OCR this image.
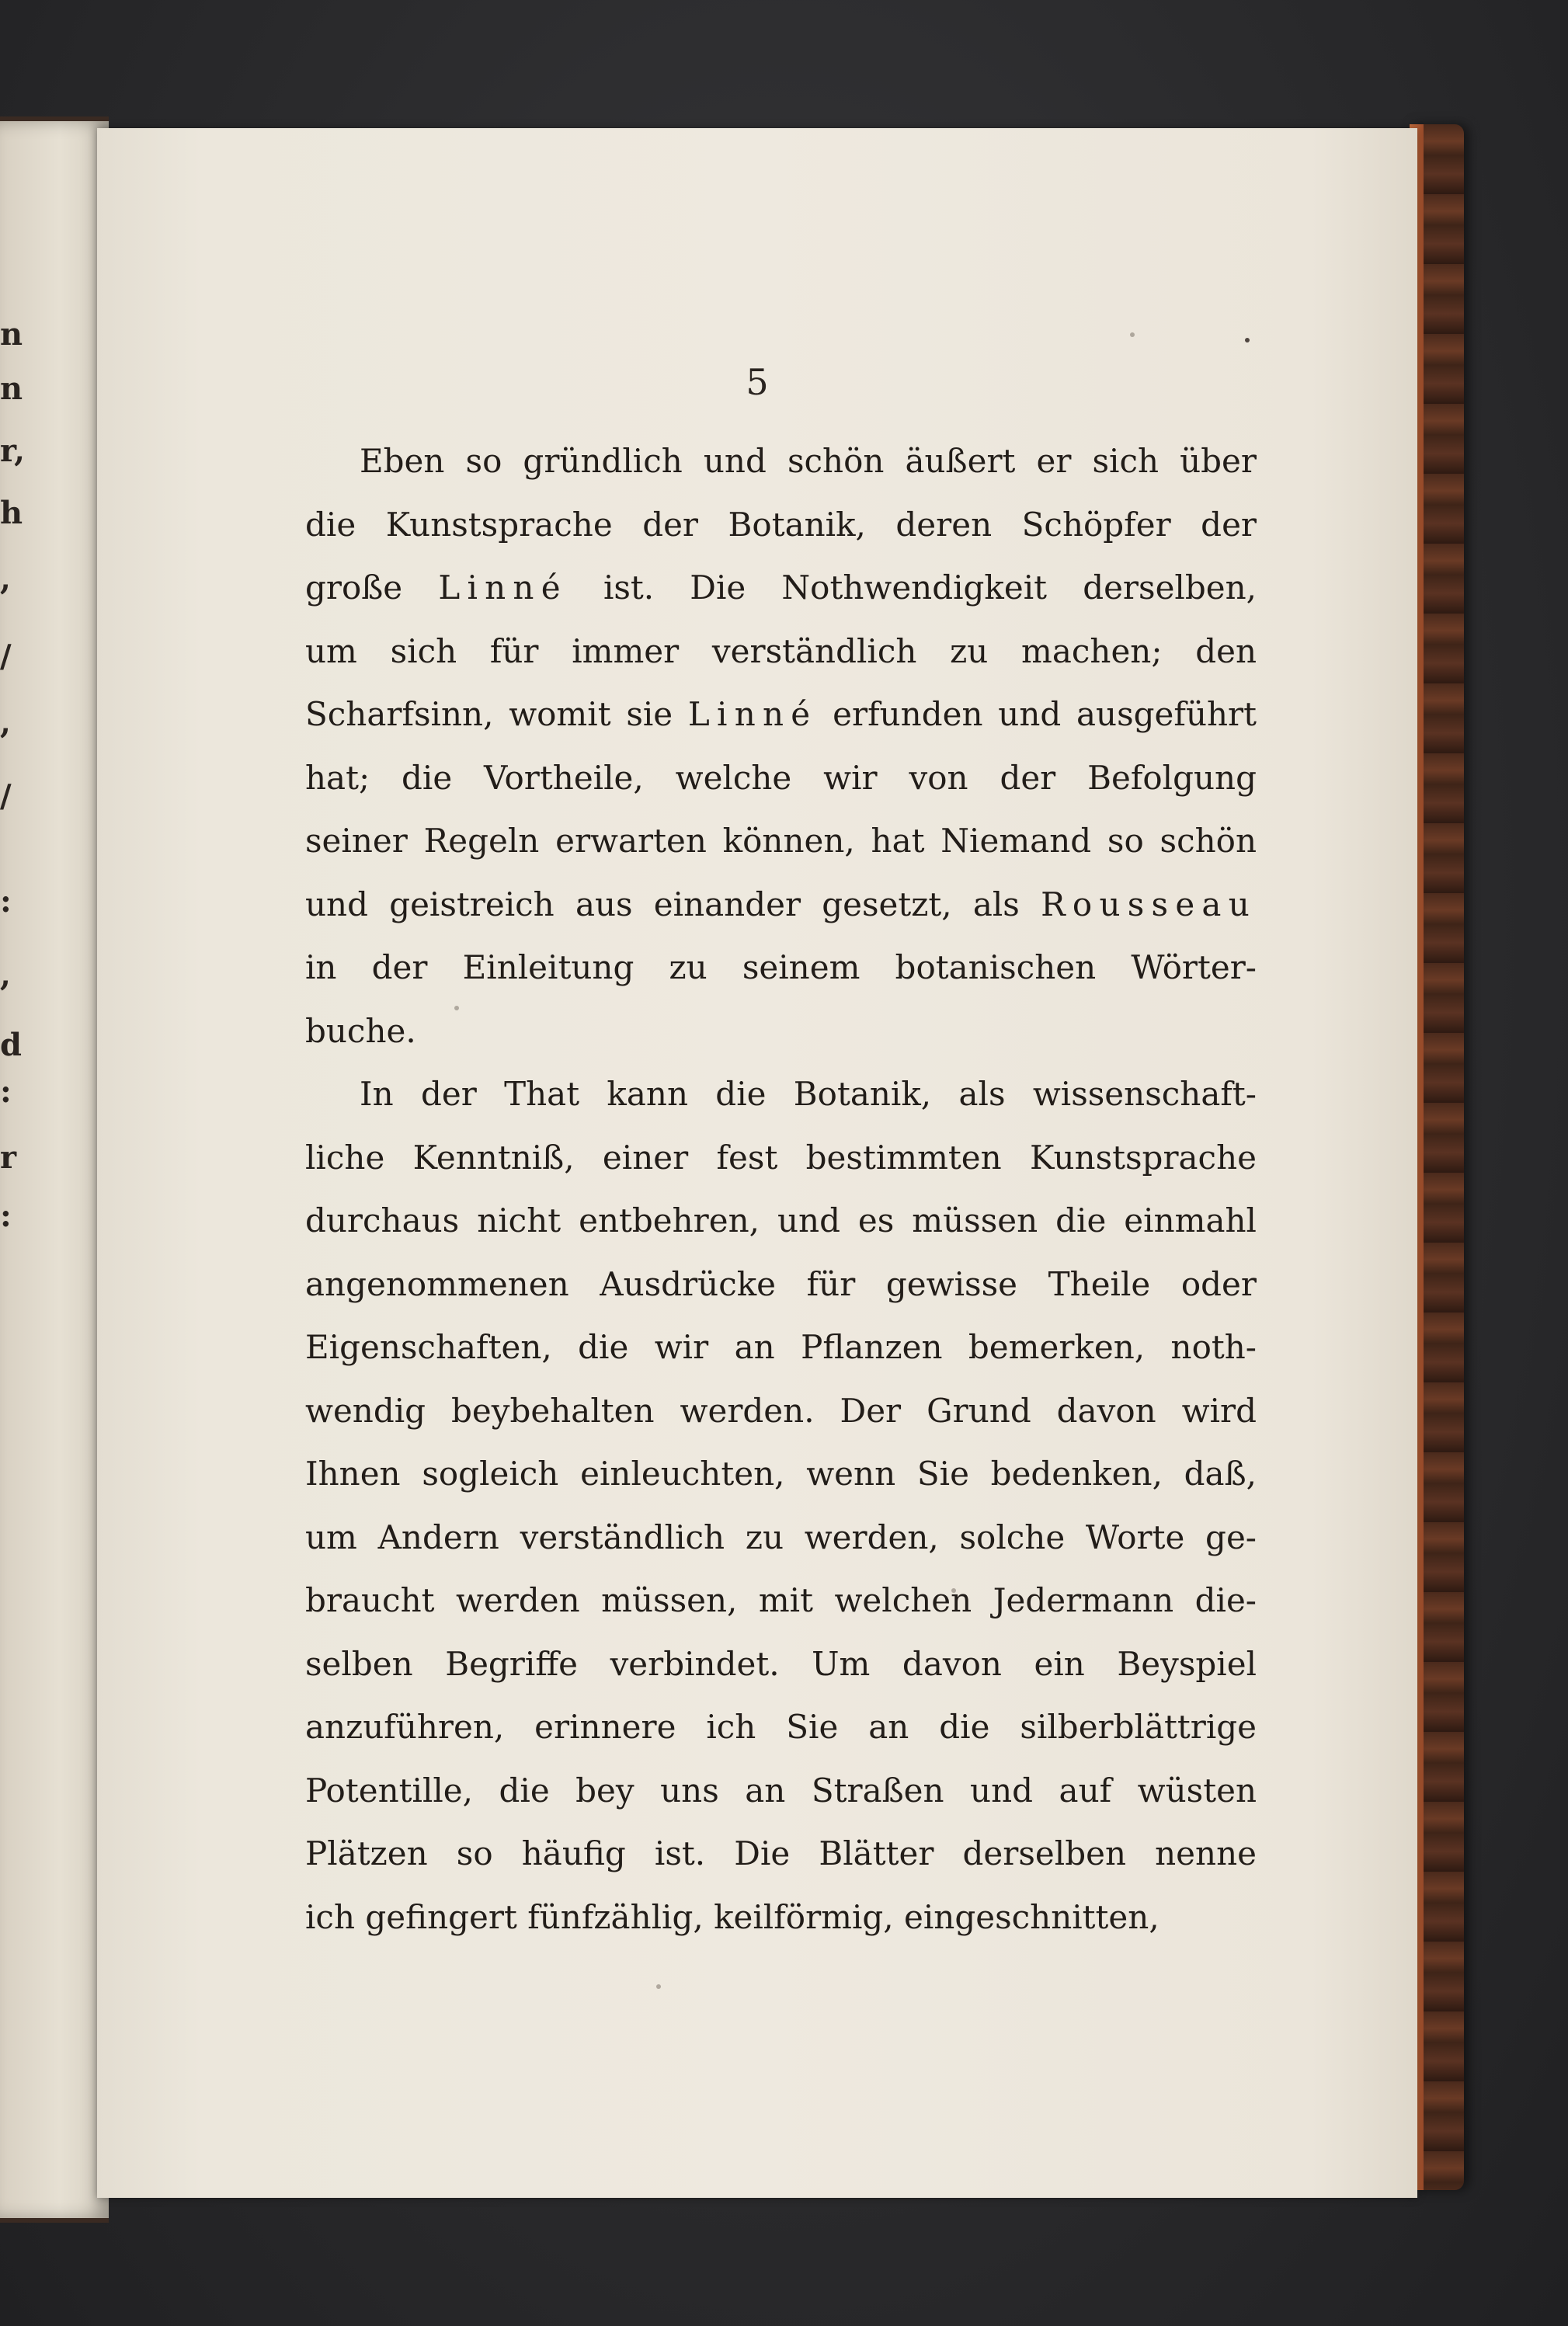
n
n
r,
h
,
/
,
/
:
,
d
:
r
:
5
Eben so gründlich und schön äußert er sich über
die Kunstsprache der Botanik, deren Schöpfer der
große Linné ist. Die Nothwendigkeit derselben,
um sich für immer verständlich zu machen; den
Scharfsinn, womit sie Linné erfunden und ausgeführt
hat; die Vortheile, welche wir von der Befolgung
seiner Regeln erwarten können, hat Niemand so schön
und geistreich aus einander gesetzt, als Rousseau
in der Einleitung zu seinem botanischen Wörter-
buche.
In der That kann die Botanik, als wissenschaft-
liche Kenntniß, einer fest bestimmten Kunstsprache
durchaus nicht entbehren, und es müssen die einmahl
angenommenen Ausdrücke für gewisse Theile oder
Eigenschaften, die wir an Pflanzen bemerken, noth-
wendig beybehalten werden. Der Grund davon wird
Ihnen sogleich einleuchten, wenn Sie bedenken, daß,
um Andern verständlich zu werden, solche Worte ge-
braucht werden müssen, mit welchen Jedermann die-
selben Begriffe verbindet. Um davon ein Beyspiel
anzuführen, erinnere ich Sie an die silberblättrige
Potentille, die bey uns an Straßen und auf wüsten
Plätzen so häufig ist. Die Blätter derselben nenne
ich gefingert fünfzählig, keilförmig, eingeschnitten,
